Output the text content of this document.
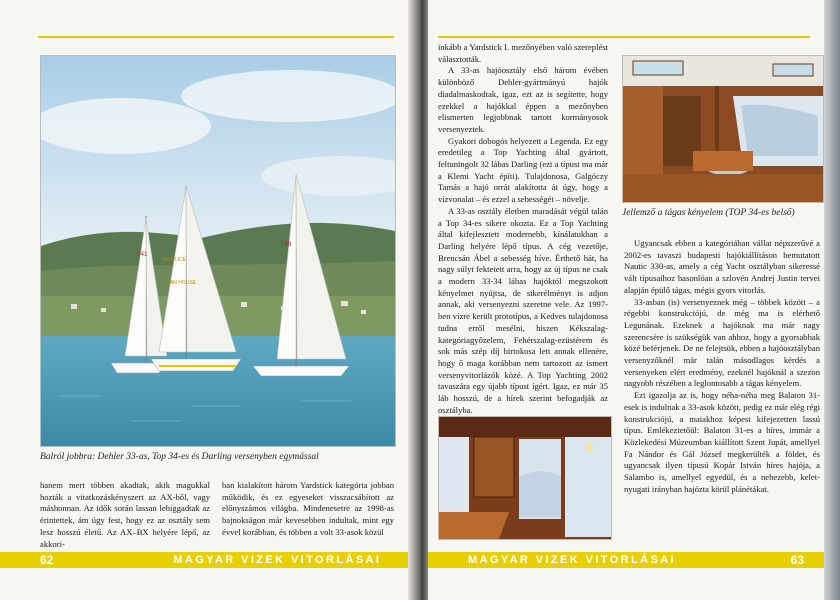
T41
NOA LICE
VAN HOUSE
T58
Balról jobbra: Dehler 33-as, Top 34-es és Darling versenyben egymással

hanem mert többen akadtak, akik magukkal hozták a vitatkozáskényszert az AX-ből, vagy máshonnan. Az idők során lassan lehiggadtak az érintettek, ám úgy fest, hogy ez az osztály sem lesz hosszú életű. Az AX–BX helyére lépő, az akkori-

ban kialakított három Yardstick kategória jobban működik, és ez egyeseket visszacsábított az előnyszámos világba. Mindenesetre az 1998-as bajnokságon már kevesebben indultak, mint egy évvel korábban, és többen a volt 33-asok közül

62	MAGYAR VIZEK VITORLÁSAI

inkább a Yardstick I. mezőnyében való szereplést választották.

A 33-as hajóosztály első három évében különböző Dehler-gyártmányú hajók diadalmaskodtak, igaz, ezt az is segítette, hogy ezekkel a hajókkal éppen a mezőnyben elismerten legjobbnak tartott kormányosok versenyeztek.

Gyakori dobogós helyezett a Legenda. Ez egy eredetileg a Top Yachting által gyártott, feltuningolt 32 lábas Darling (ezt a típust ma már a Klemi Yacht építi). Tulajdonosa, Galgóczy Tamás a hajó orrát alakította át úgy, hogy a vízvonalat – és ezzel a sebességét – növelje.

A 33-as osztály életben maradását végül talán a Top 34-es sikere okozta. Ez a Top Yachting által kifejlesztett modernebb, kínálatukban a Darling helyére lépő típus. A cég vezetője, Brencsán Ábel a sebesség híve. Érthető hát, ha nagy súlyt fektetett arra, hogy az új típus ne csak a modern 33-34 lábas hajóktól megszokott kényelmet nyújtsa, de sikerélményt is adjon annak, aki versenyezni szeretne vele. Az 1997-ben vízre került prototípus, a Kedves tulajdonosa tudna erről mesélni, hiszen Kékszalag-kategóriagyőzelem, Fehérszalag-ezüstérem és sok más szép díj birtokosa lett annak ellenére, hogy ő maga korábban nem tartozott az ismert versenyvitorlázók közé. A Top Yachting 2002 tavaszára egy újabb típust ígért. Igaz, ez már 35 láb hosszú, de a hírek szerint befogadják az osztályba.

Jellemző a tágas kényelem (TOP 34-es belső)

Ugyancsak ebben a kategóriában vállat népszerűvé a 2002-es tavaszi budapesti hajókiállításon bemutatott Nautic 330-as, amely a cég Yacht osztályban sikeressé vált típusaihoz hasonlóan a szlovén Andrej Justin tervei alapján épülő tágas, mégis gyors vitorlás.

33-asban (is) versenyeznek még – többek között – a régebbi konstrukciójú, de még ma is elérhető Legunának. Ezeknek a hajóknak ma már nagy szerencsére is szükségük van ahhoz, hogy a gyorsabbak közé beférjenek. De ne felejtsük, ebben a hajóosztályban versenyzőknél már talán másodlagos kérdés a versenyeken elért eredmény, ezeknél hajóknál a szezon nagyobb részében a leglontosabb a tágas kényelem.

Ezt igazolja az is, hogy néha-néha meg Balaton 31-esek is indulnak a 33-asok között, pedig ez már elég régi konstrukciójú, a maiakhoz képest kifejezetten lassú típus. Emlékeztetőül: Balaton 31-es a híres, immár a Közlekedési Múzeumban kiállított Szent Jupát, amellyel Fa Nándor és Gál József megkerülték a földet, és ugyancsak ilyen típusú Kopár István híres hajója, a Salambo is, amellyel egyedül, és a nehezebb, kelet-nyugati irányban hajózta körül plánétákat.

MAGYAR VIZEK VITORLÁSAI	63
